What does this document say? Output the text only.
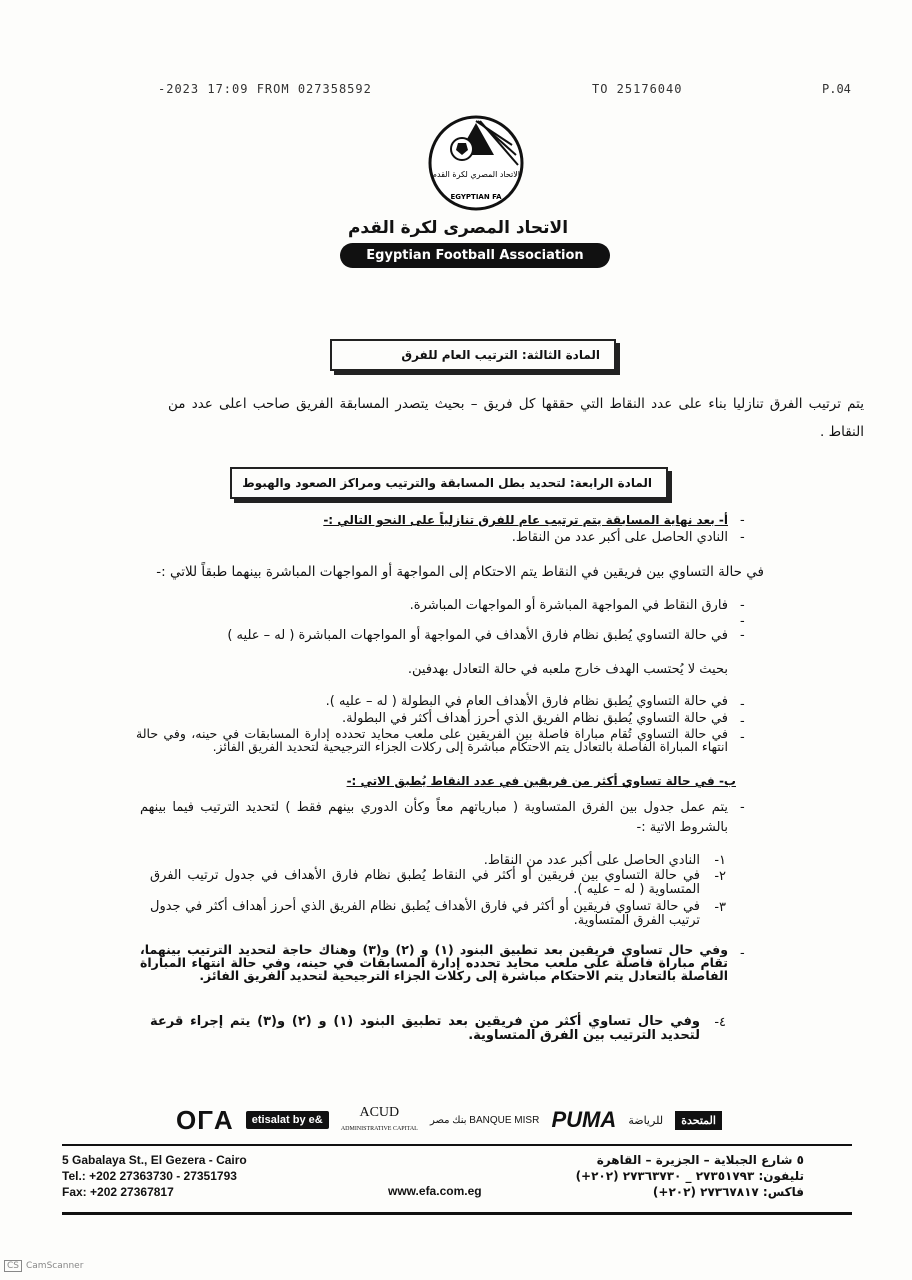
-2023 17:09 FROM 027358592	TO 25176040	P.04
الاتحاد المصري لكرة القدم
EGYPTIAN FA
الاتحاد المصرى لكرة القدم
Egyptian Football Association
المادة الثالثة: الترتيب العام للفرق
يتم ترتيب الفرق تنازليا بناء على عدد النقاط التي حققها كل فريق – بحيث يتصدر المسابقة الفريق صاحب اعلى عدد من النقاط .
المادة الرابعة: لتحديد بطل المسابقة والترتيب ومراكز الصعود والهبوط
أ- بعد نهاية المسابقة يتم ترتيب عام للفرق تنازلياً على النحو التالي :- -
النادي الحاصل على أكبر عدد من النقاط. -
في حالة التساوي بين فريقين في النقاط يتم الاحتكام إلى المواجهة أو المواجهات المباشرة بينهما طبقاً للاتي :-
فارق النقاط في المواجهة المباشرة أو المواجهات المباشرة. -
-
في حالة التساوي يُطبق نظام فارق الأهداف في المواجهة أو المواجهات المباشرة ( له – عليه ) -
بحيث لا يُحتسب الهدف خارج ملعبه في حالة التعادل بهدفين.
في حالة التساوي يُطبق نظام فارق الأهداف العام في البطولة ( له – عليه ). -
في حالة التساوي يُطبق نظام الفريق الذي أحرز أهداف أكثر في البطولة. -
في حالة التساوي تُقام مباراة فاصلة بين الفريقين على ملعب محايد تحدده إدارة المسابقات في حينه، وفي حالة انتهاء المباراة الفاصلة بالتعادل يتم الاحتكام مباشرة إلى ركلات الجزاء الترجيحية لتحديد الفريق الفائز.
-
ب- في حالة تساوي أكثر من فريقين في عدد النقاط يُطبق الاتي :-
يتم عمل جدول بين الفرق المتساوية ( مبارياتهم معاً وكأن الدوري بينهم فقط ) لتحديد الترتيب فيما بينهم بالشروط الاتية :-
-
النادي الحاصل على أكبر عدد من النقاط.	١-
في حالة التساوي بين فريقين أو أكثر في النقاط يُطبق نظام فارق الأهداف في جدول ترتيب الفرق المتساوية ( له – عليه ).
٢-
في حالة تساوي فريقين أو أكثر في فارق الأهداف يُطبق نظام الفريق الذي أحرز أهداف أكثر في جدول ترتيب الفرق المتساوية.
٣-
وفي حال تساوي فريقين بعد تطبيق البنود (١) و (٢) و(٣) وهناك حاجة لتحديد الترتيب بينهما، تقام مباراة فاصلة على ملعب محايد تحدده إدارة المسابقات في حينه، وفي حالة انتهاء المباراة الفاصلة بالتعادل يتم الاحتكام مباشرة إلى ركلات الجزاء الترجيحية لتحديد الفريق الفائز.
-
وفي حال تساوي أكثر من فريقين بعد تطبيق البنود (١) و (٢) و(٣) يتم إجراء قرعة لتحديد الترتيب بين الفرق المتساوية.
٤-
OΓA	etisalat by e&	ACUD
ADMINISTRATIVE CAPITAL
بنك مصر BANQUE MISR PUMA للرياضة	المتحدة
5 Gabalaya St., El Gezera - Cairo
Tel.: +202 27363730 - 27351793
Fax: +202 27367817	www.efa.com.eg
٥ شارع الجبلاية – الجزيرة – القاهرة
تليفون: ٢٧٣٥١٧٩٣ _ ٢٧٣٦٣٧٣٠ (٢٠٢+)
فاكس: ٢٧٣٦٧٨١٧ (٢٠٢+)
CS CamScanner
